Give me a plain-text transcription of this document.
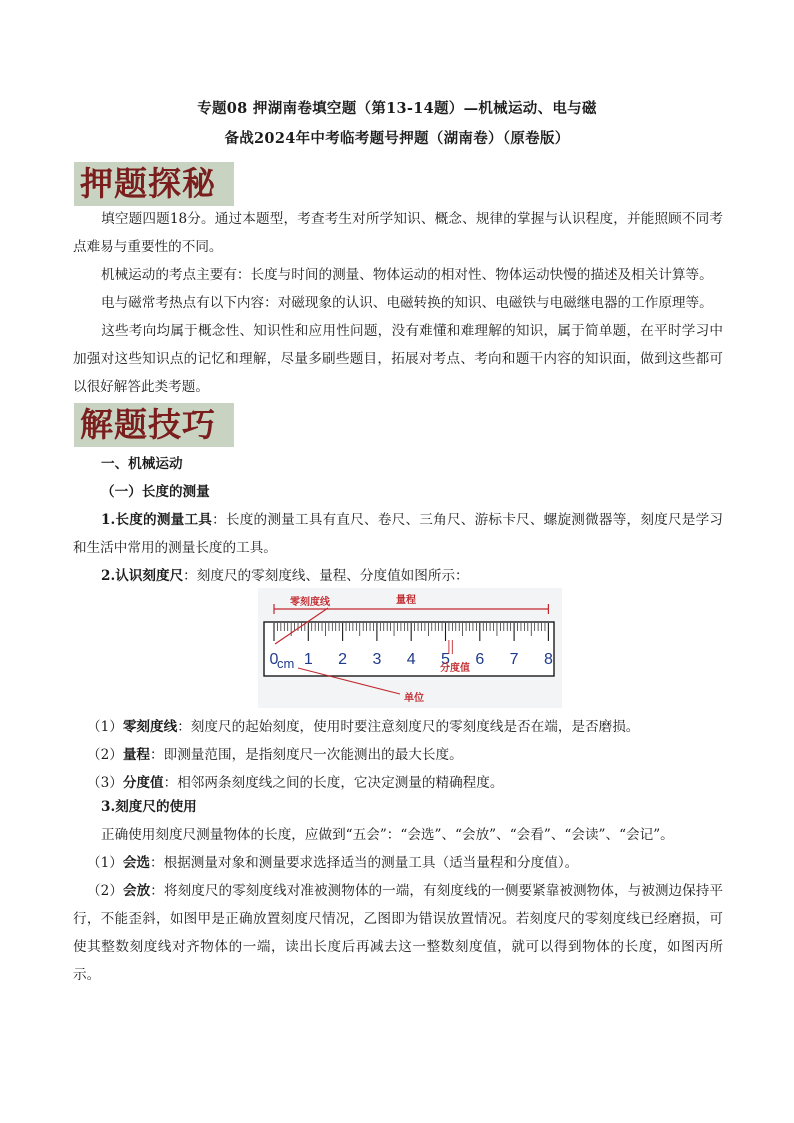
专题08 押湖南卷填空题（第13-14题）—机械运动、电与磁
备战2024年中考临考题号押题（湖南卷）（原卷版）
押题探秘
填空题四题18分。通过本题型，考查考生对所学知识、概念、规律的掌握与认识程度，并能照顾不同考点难易与重要性的不同。
机械运动的考点主要有：长度与时间的测量、物体运动的相对性、物体运动快慢的描述及相关计算等。
电与磁常考热点有以下内容：对磁现象的认识、电磁转换的知识、电磁铁与电磁继电器的工作原理等。
这些考向均属于概念性、知识性和应用性问题，没有难懂和难理解的知识，属于简单题，在平时学习中加强对这些知识点的记忆和理解，尽量多刷些题目，拓展对考点、考向和题干内容的知识面，做到这些都可以很好解答此类考题。
解题技巧
一、机械运动
（一）长度的测量
1.长度的测量工具：长度的测量工具有直尺、卷尺、三角尺、游标卡尺、螺旋测微器等，刻度尺是学习和生活中常用的测量长度的工具。
2.认识刻度尺：刻度尺的零刻度线、量程、分度值如图所示：
0 1 2 3 4 5 6 7 8
cm
零刻度线	量程
分度值
单位
（1）零刻度线：刻度尺的起始刻度，使用时要注意刻度尺的零刻度线是否在端，是否磨损。
（2）量程：即测量范围，是指刻度尺一次能测出的最大长度。
（3）分度值：相邻两条刻度线之间的长度，它决定测量的精确程度。
3.刻度尺的使用
正确使用刻度尺测量物体的长度，应做到“五会”：“会选”、“会放”、“会看”、“会读”、“会记”。
（1）会选：根据测量对象和测量要求选择适当的测量工具（适当量程和分度值）。
（2）会放：将刻度尺的零刻度线对准被测物体的一端，有刻度线的一侧要紧靠被测物体，与被测边保持平行，不能歪斜，如图甲是正确放置刻度尺情况，乙图即为错误放置情况。若刻度尺的零刻度线已经磨损，可使其整数刻度线对齐物体的一端，读出长度后再减去这一整数刻度值，就可以得到物体的长度，如图丙所示。
